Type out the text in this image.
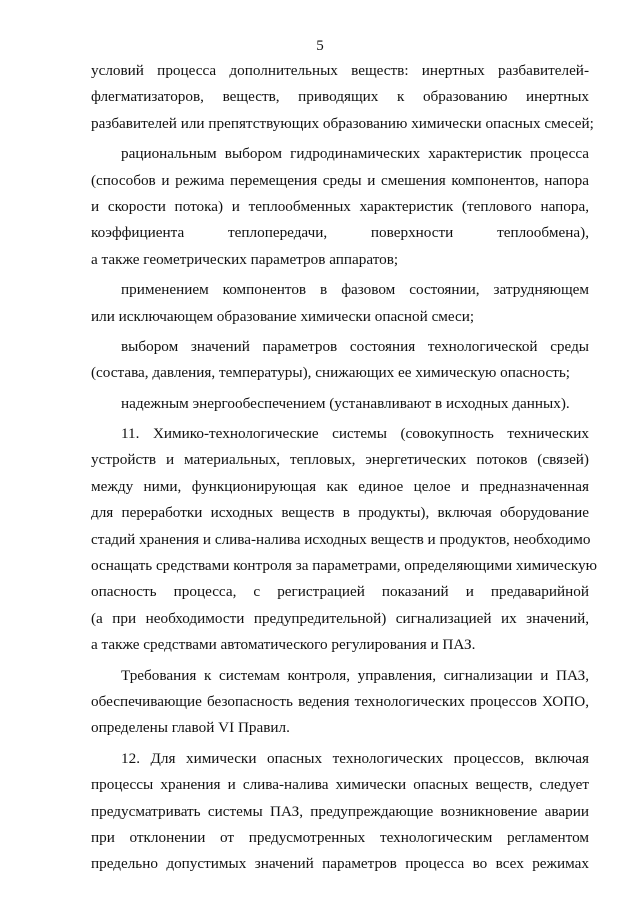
5
условий процесса дополнительных веществ: инертных разбавителей-
флегматизаторов, веществ, приводящих к образованию инертных
разбавителей или препятствующих образованию химически опасных смесей;
рациональным выбором гидродинамических характеристик процесса
(способов и режима перемещения среды и смешения компонентов, напора
и скорости потока) и теплообменных характеристик (теплового напора,
коэффициента теплопередачи, поверхности теплообмена),
а также геометрических параметров аппаратов;
применением компонентов в фазовом состоянии, затрудняющем
или исключающем образование химически опасной смеси;
выбором значений параметров состояния технологической среды
(состава, давления, температуры), снижающих ее химическую опасность;
надежным энергообеспечением (устанавливают в исходных данных).
11. Химико-технологические системы (совокупность технических
устройств и материальных, тепловых, энергетических потоков (связей)
между ними, функционирующая как единое целое и предназначенная
для переработки исходных веществ в продукты), включая оборудование
стадий хранения и слива-налива исходных веществ и продуктов, необходимо
оснащать средствами контроля за параметрами, определяющими химическую
опасность процесса, с регистрацией показаний и предаварийной
(а при необходимости предупредительной) сигнализацией их значений,
а также средствами автоматического регулирования и ПАЗ.
Требования к системам контроля, управления, сигнализации и ПАЗ,
обеспечивающие безопасность ведения технологических процессов ХОПО,
определены главой VI Правил.
12. Для химически опасных технологических процессов, включая
процессы хранения и слива-налива химически опасных веществ, следует
предусматривать системы ПАЗ, предупреждающие возникновение аварии
при отклонении от предусмотренных технологическим регламентом
предельно допустимых значений параметров процесса во всех режимах
